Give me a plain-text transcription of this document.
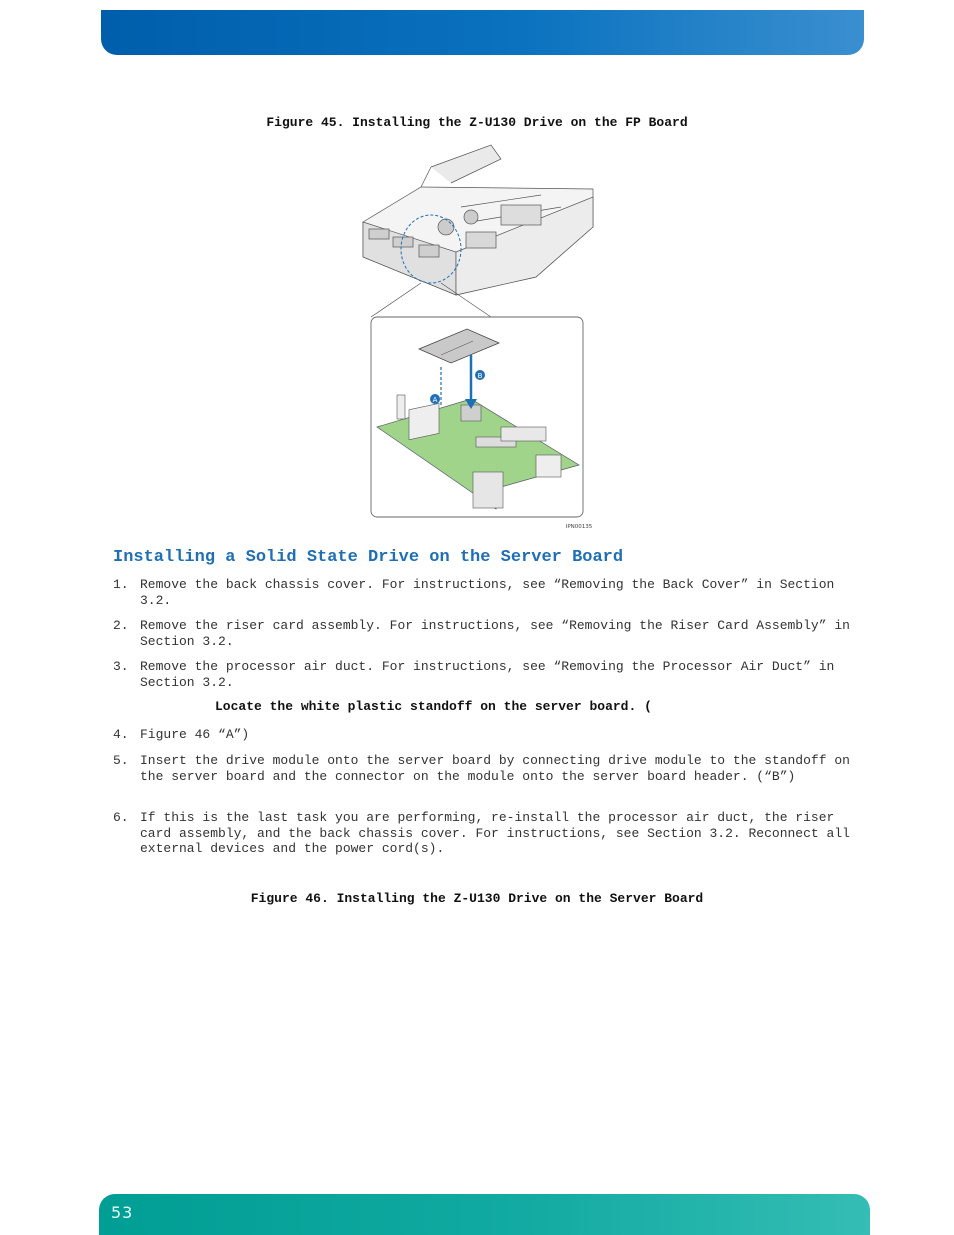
Figure 45. Installing the Z-U130 Drive on the FP Board
A
B
IPN00135
Installing a Solid State Drive on the Server Board
1. Remove the back chassis cover. For instructions, see “Removing the Back Cover” in Section 3.2.
2. Remove the riser card assembly. For instructions, see “Removing the Riser Card Assembly” in Section 3.2.
3. Remove the processor air duct. For instructions, see “Removing the Processor Air Duct” in Section 3.2.
Locate the white plastic standoff on the server board. (
4. Figure 46 “A”)
5. Insert the drive module onto the server board by connecting drive module to the standoff on the server board and the connector on the module onto the server board header. (“B”)
6. If this is the last task you are performing, re-install the processor air duct, the riser card assembly, and the back chassis cover. For instructions, see Section 3.2. Reconnect all external devices and the power cord(s).
Figure 46. Installing the Z-U130 Drive on the Server Board
53
